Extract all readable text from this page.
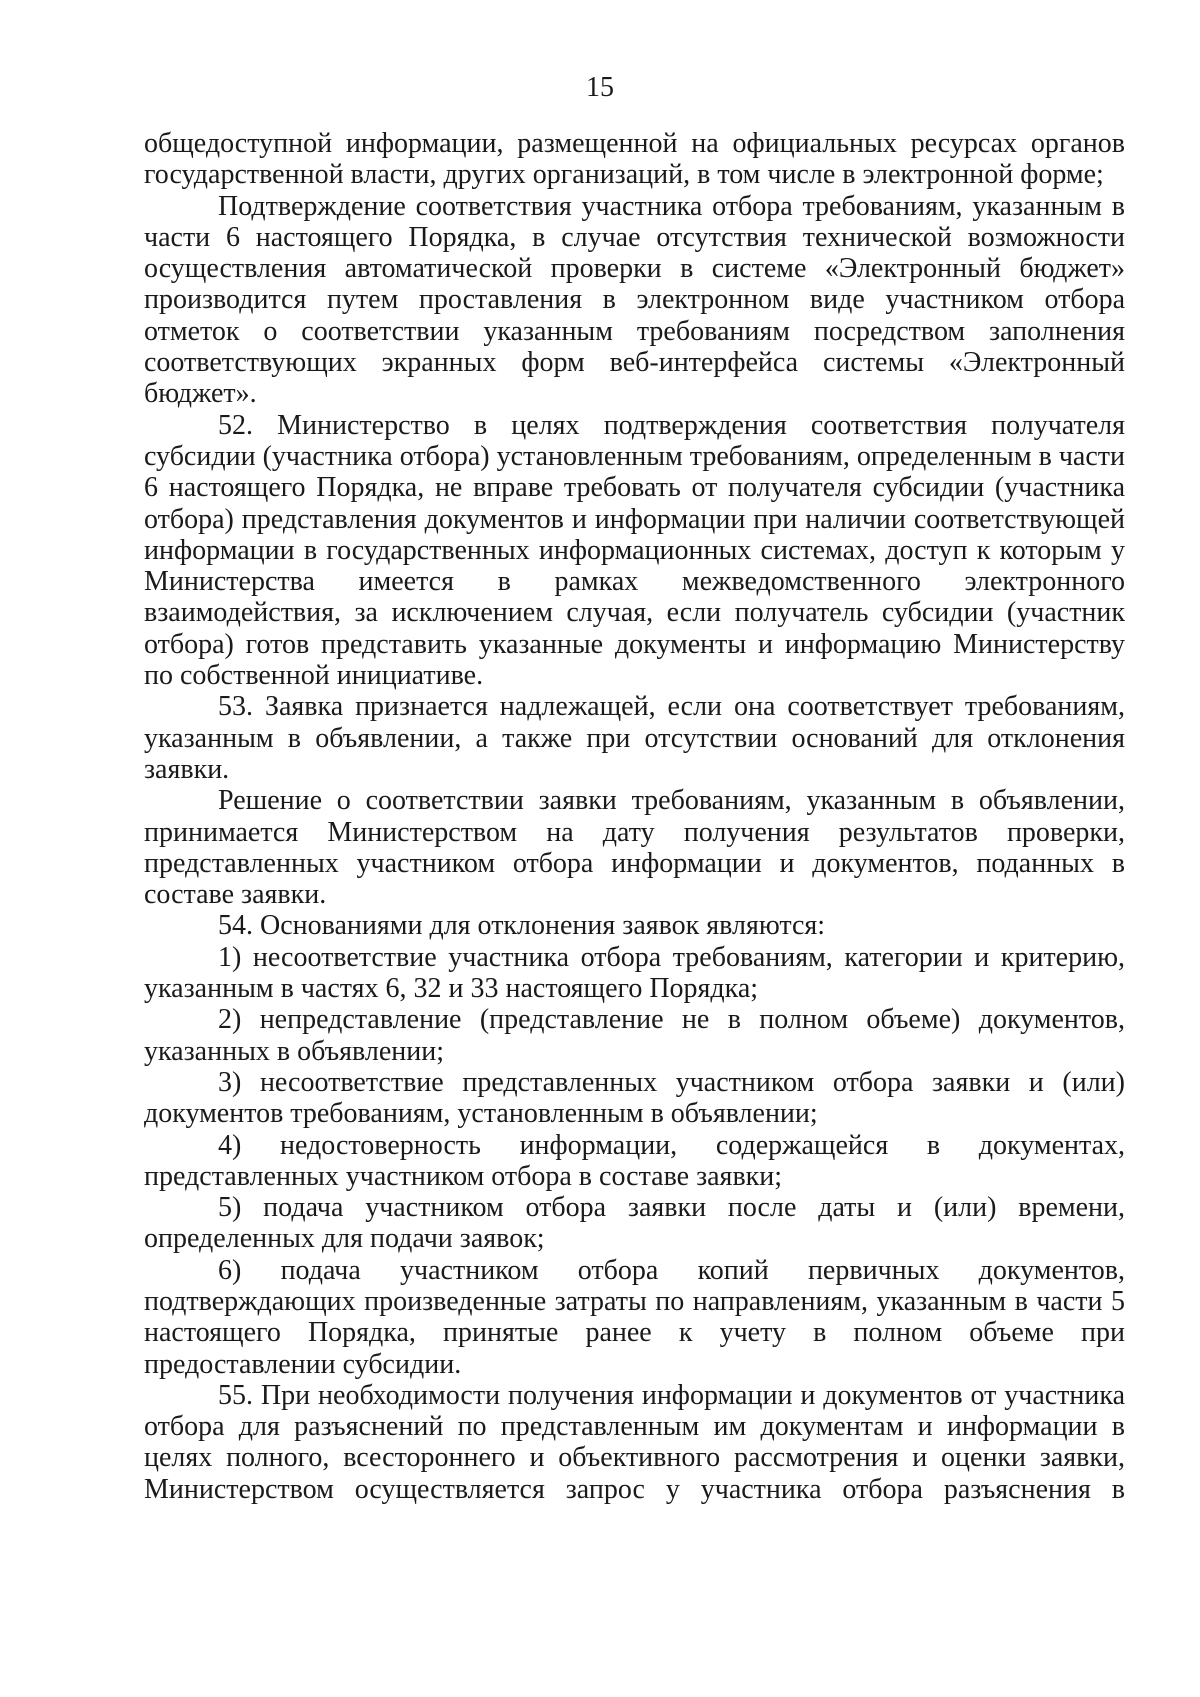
15

общедоступной информации, размещенной на официальных ресурсах органов государственной власти, других организаций, в том числе в электронной форме;

Подтверждение соответствия участника отбора требованиям, указанным в части 6 настоящего Порядка, в случае отсутствия технической возможности осуществления автоматической проверки в системе «Электронный бюджет» производится путем проставления в электронном виде участником отбора отметок о соответствии указанным требованиям посредством заполнения соответствующих экранных форм веб-интерфейса системы «Электронный бюджет».

52. Министерство в целях подтверждения соответствия получателя субсидии (участника отбора) установленным требованиям, определенным в части 6 настоящего Порядка, не вправе требовать от получателя субсидии (участника отбора) представления документов и информации при наличии соответствующей информации в государственных информационных системах, доступ к которым у Министерства имеется в рамках межведомственного электронного взаимодействия, за исключением случая, если получатель субсидии (участник отбора) готов представить указанные документы и информацию Министерству по собственной инициативе.

53. Заявка признается надлежащей, если она соответствует требованиям, указанным в объявлении, а также при отсутствии оснований для отклонения заявки.

Решение о соответствии заявки требованиям, указанным в объявлении, принимается Министерством на дату получения результатов проверки, представленных участником отбора информации и документов, поданных в составе заявки.

54. Основаниями для отклонения заявок являются:

1) несоответствие участника отбора требованиям, категории и критерию, указанным в частях 6, 32 и 33 настоящего Порядка;

2) непредставление (представление не в полном объеме) документов, указанных в объявлении;

3) несоответствие представленных участником отбора заявки и (или) документов требованиям, установленным в объявлении;

4) недостоверность информации, содержащейся в документах, представленных участником отбора в составе заявки;

5) подача участником отбора заявки после даты и (или) времени, определенных для подачи заявок;

6) подача участником отбора копий первичных документов, подтверждающих произведенные затраты по направлениям, указанным в части 5 настоящего Порядка, принятые ранее к учету в полном объеме при предоставлении субсидии.

55. При необходимости получения информации и документов от участника отбора для разъяснений по представленным им документам и информации в целях полного, всестороннего и объективного рассмотрения и оценки заявки, Министерством осуществляется запрос у участника отбора разъяснения в
